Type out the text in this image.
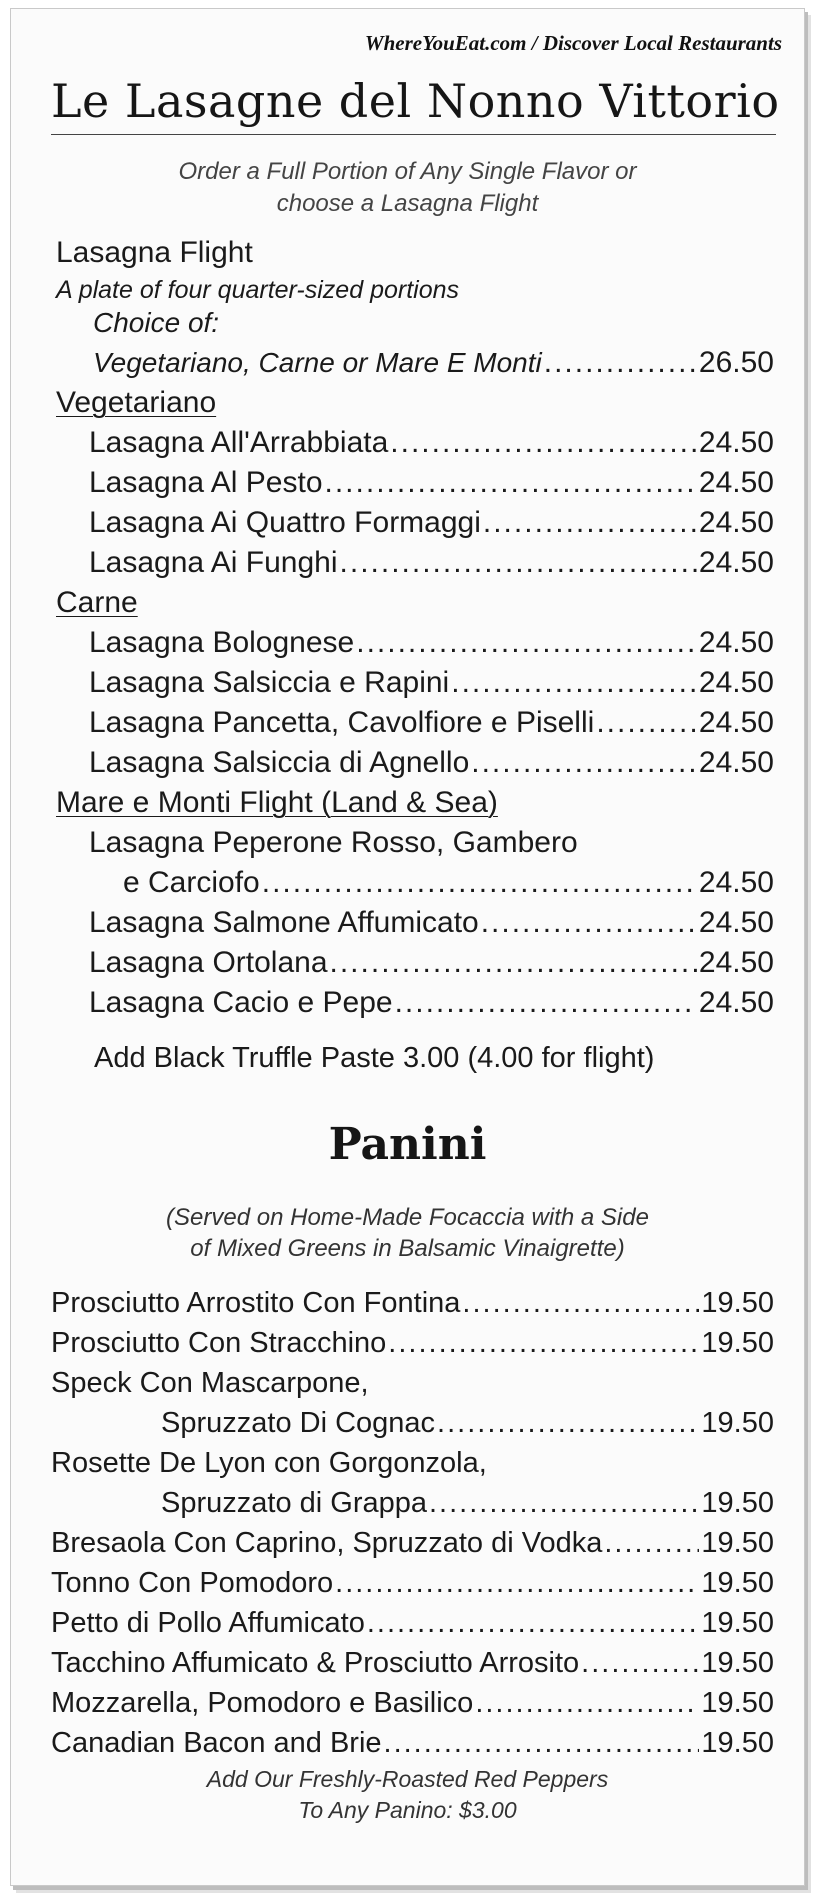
WhereYouEat.com / Discover Local Restaurants
Le Lasagne del Nonno Vittorio
Order a Full Portion of Any Single Flavor or
choose a Lasagna Flight
Lasagna Flight
A plate of four quarter-sized portions
Choice of:
Vegetariano, Carne or Mare E Monti .....	26.50
Vegetariano
Lasagna All'Arrabbiata .....	24.50
Lasagna Al Pesto .....	24.50
Lasagna Ai Quattro Formaggi .....	24.50
Lasagna Ai Funghi .....	24.50
Carne
Lasagna Bolognese .....	24.50
Lasagna Salsiccia e Rapini .....	24.50
Lasagna Pancetta, Cavolfiore e Piselli .....	24.50
Lasagna Salsiccia di Agnello .....	24.50
Mare e Monti Flight (Land & Sea)
Lasagna Peperone Rosso, Gambero
e Carciofo .....	24.50
Lasagna Salmone Affumicato .....	24.50
Lasagna Ortolana .....	24.50
Lasagna Cacio e Pepe .....	24.50
Add Black Truffle Paste 3.00 (4.00 for flight)
Panini
(Served on Home-Made Focaccia with a Side
of Mixed Greens in Balsamic Vinaigrette)
Prosciutto Arrostito Con Fontina .....	19.50
Prosciutto Con Stracchino .....	19.50
Speck Con Mascarpone,
Spruzzato Di Cognac .....	19.50
Rosette De Lyon con Gorgonzola,
Spruzzato di Grappa .....	19.50
Bresaola Con Caprino, Spruzzato di Vodka .....	19.50
Tonno Con Pomodoro .....	19.50
Petto di Pollo Affumicato .....	19.50
Tacchino Affumicato & Prosciutto Arrosito .....	19.50
Mozzarella, Pomodoro e Basilico .....	19.50
Canadian Bacon and Brie .....	19.50
Add Our Freshly-Roasted Red Peppers
To Any Panino: $3.00
